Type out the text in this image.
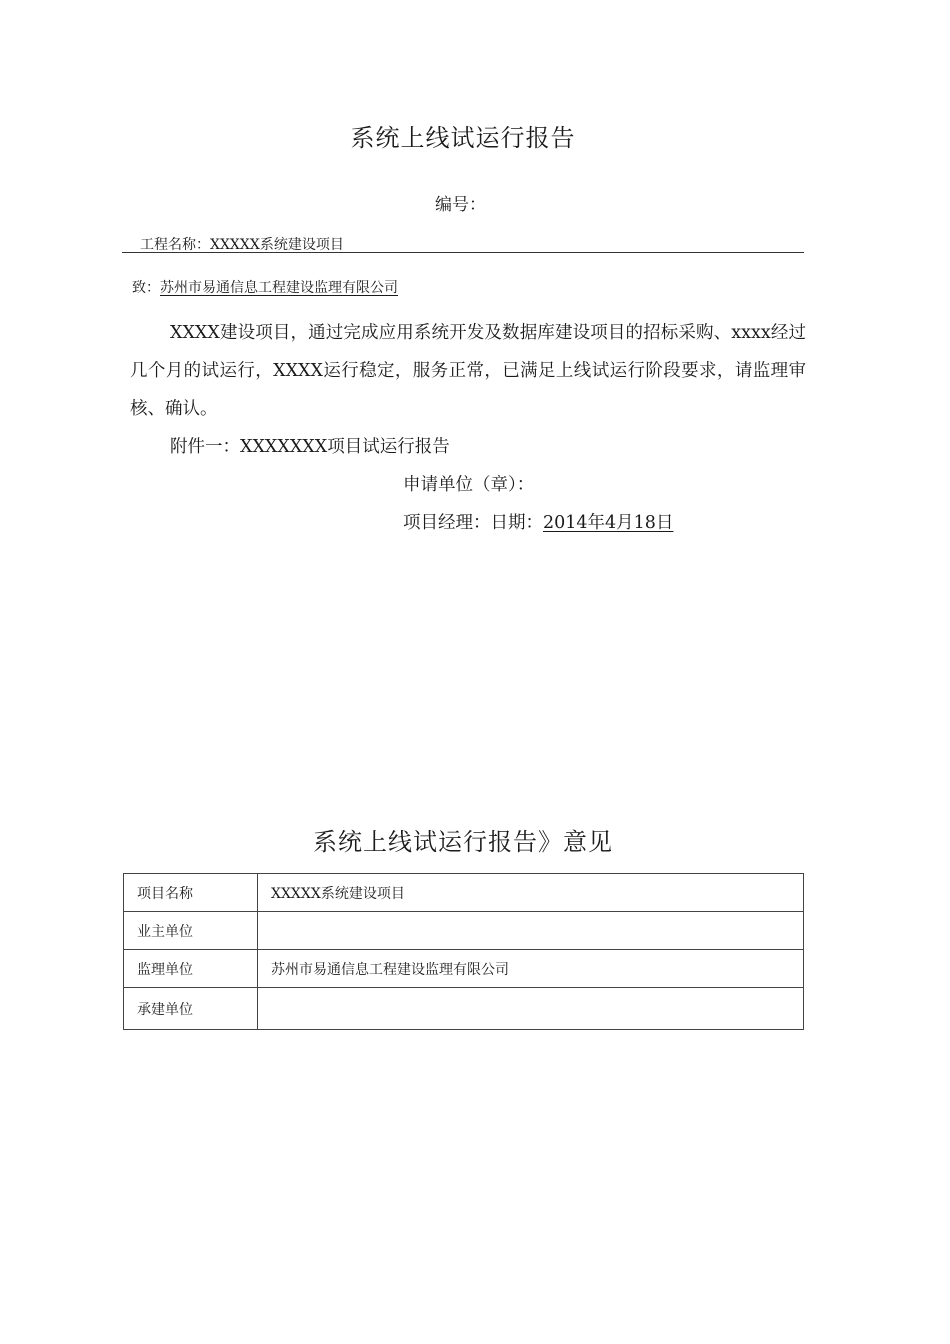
系统上线试运行报告
编号：
工程名称：XXXXX系统建设项目
致：苏州市易通信息工程建设监理有限公司
XXXX建设项目，通过完成应用系统开发及数据库建设项目的招标采购、xxxx经过几个月的试运行，XXXX运行稳定，服务正常，已满足上线试运行阶段要求，请监理审核、确认。
附件一：XXXXXXX项目试运行报告
申请单位（章）：
项目经理：日期：2014年4月18日
系统上线试运行报告》意见
项目名称	XXXXX系统建设项目
业主单位	
监理单位	苏州市易通信息工程建设监理有限公司
承建单位	
